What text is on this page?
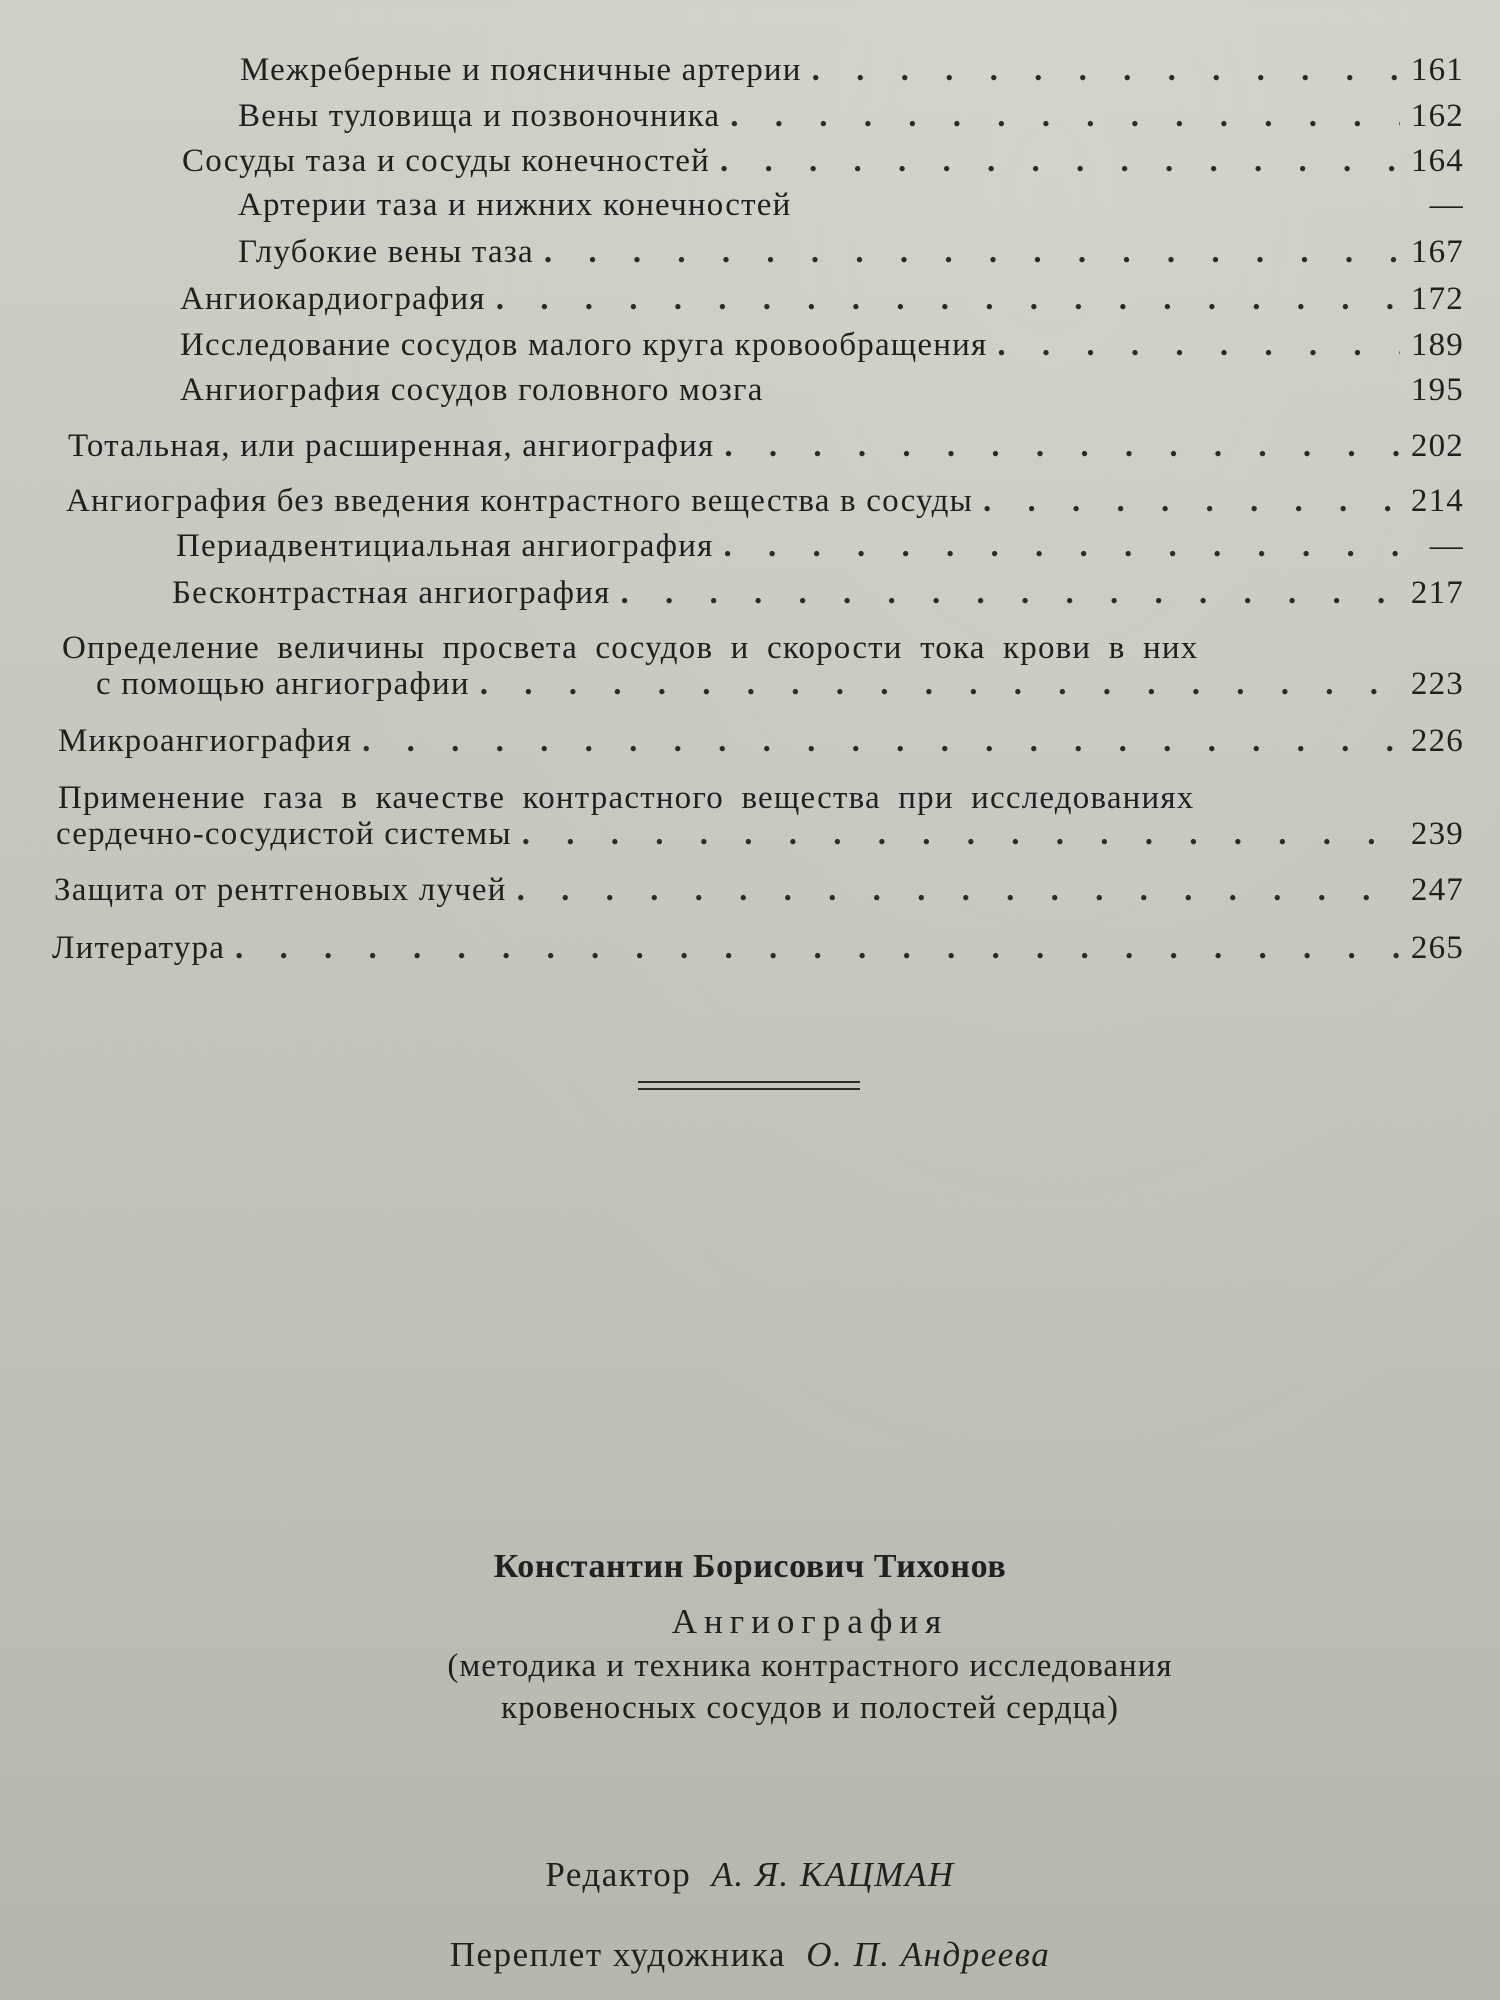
Межреберные и поясничные артерии . . .	161
Вены туловища и позвоночника . . .	162
Сосуды таза и сосуды конечностей . . .	164
Артерии таза и нижних конечностей	—
Глубокие вены таза . . .	167
Ангиокардиография . . .	172
Исследование сосудов малого круга кровообращения . . .	189
Ангиография сосудов головного мозга	195
Тотальная, или расширенная, ангиография . . .	202
Ангиография без введения контрастного вещества в сосуды . . .	214
Периадвентициальная ангиография . . .	—
Бесконтрастная ангиография . . .	217
Определение величины просвета сосудов и скорости тока крови в них
с помощью ангиографии . . .	223
Микроангиография . . .	226
Применение газа в качестве контрастного вещества при исследованиях
сердечно-сосудистой системы . . .	239
Защита от рентгеновых лучей . . .	247
Литература . . .	265
Константин Борисович Тихонов
Ангиография
(методика и техника контрастного исследования
кровеносных сосудов и полостей сердца)
Редактор А. Я. КАЦМАН
Переплет художника О. П. Андреева
